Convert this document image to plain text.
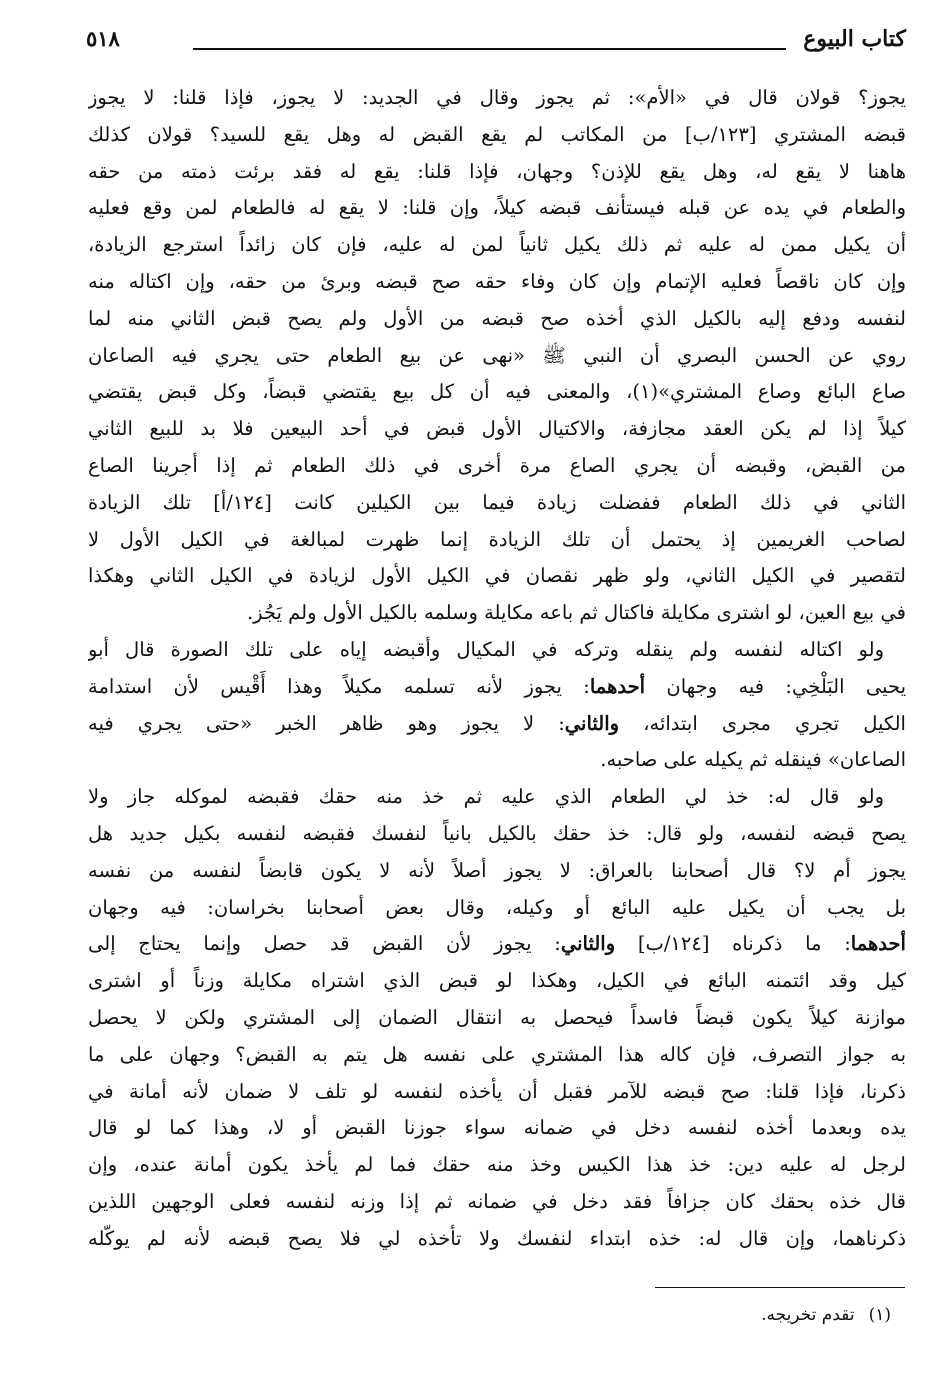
كتاب البيوع
٥١٨
يجوز؟ قولان قال في «الأم»: ثم يجوز وقال في الجديد: لا يجوز، فإذا قلنا: لا يجوز
قبضه المشتري [١٢٣/ب] من المكاتب لم يقع القبض له وهل يقع للسيد؟ قولان كذلك
هاهنا لا يقع له، وهل يقع للإذن؟ وجهان، فإذا قلنا: يقع له فقد برئت ذمته من حقه
والطعام في يده عن قبله فيستأنف قبضه كيلاً، وإن قلنا: لا يقع له فالطعام لمن وقع فعليه
أن يكيل ممن له عليه ثم ذلك يكيل ثانياً لمن له عليه، فإن كان زائداً استرجع الزيادة،
وإن كان ناقصاً فعليه الإتمام وإن كان وفاء حقه صح قبضه وبرئ من حقه، وإن اكتاله منه
لنفسه ودفع إليه بالكيل الذي أخذه صح قبضه من الأول ولم يصح قبض الثاني منه لما
روي عن الحسن البصري أن النبي ﷺ «نهى عن بيع الطعام حتى يجري فيه الصاعان
صاع البائع وصاع المشتري»(١)، والمعنى فيه أن كل بيع يقتضي قبضاً، وكل قبض يقتضي
كيلاً إذا لم يكن العقد مجازفة، والاكتيال الأول قبض في أحد البيعين فلا بد للبيع الثاني
من القبض، وقبضه أن يجري الصاع مرة أخرى في ذلك الطعام ثم إذا أجرينا الصاع
الثاني في ذلك الطعام ففضلت زيادة فيما بين الكيلين كانت [١٢٤/أ] تلك الزيادة
لصاحب الغريمين إذ يحتمل أن تلك الزيادة إنما ظهرت لمبالغة في الكيل الأول لا
لتقصير في الكيل الثاني، ولو ظهر نقصان في الكيل الأول لزيادة في الكيل الثاني وهكذا
في بيع العين، لو اشترى مكايلة فاكتال ثم باعه مكايلة وسلمه بالكيل الأول ولم يَجُز.
ولو اكتاله لنفسه ولم ينقله وتركه في المكيال وأقبضه إياه على تلك الصورة قال أبو
يحيى البَلْخِي: فيه وجهان أحدهما: يجوز لأنه تسلمه مكيلاً وهذا أَقْيس لأن استدامة
الكيل تجري مجرى ابتدائه، والثاني: لا يجوز وهو ظاهر الخبر «حتى يجري فيه
الصاعان» فينقله ثم يكيله على صاحبه.
ولو قال له: خذ لي الطعام الذي عليه ثم خذ منه حقك فقبضه لموكله جاز ولا
يصح قبضه لنفسه، ولو قال: خذ حقك بالكيل بانياً لنفسك فقبضه لنفسه بكيل جديد هل
يجوز أم لا؟ قال أصحابنا بالعراق: لا يجوز أصلاً لأنه لا يكون قابضاً لنفسه من نفسه
بل يجب أن يكيل عليه البائع أو وكيله، وقال بعض أصحابنا بخراسان: فيه وجهان
أحدهما: ما ذكرناه [١٢٤/ب] والثاني: يجوز لأن القبض قد حصل وإنما يحتاج إلى
كيل وقد ائتمنه البائع في الكيل، وهكذا لو قبض الذي اشتراه مكايلة وزناً أو اشترى
موازنة كيلاً يكون قبضاً فاسداً فيحصل به انتقال الضمان إلى المشتري ولكن لا يحصل
به جواز التصرف، فإن كاله هذا المشتري على نفسه هل يتم به القبض؟ وجهان على ما
ذكرنا، فإذا قلنا: صح قبضه للآمر فقبل أن يأخذه لنفسه لو تلف لا ضمان لأنه أمانة في
يده وبعدما أخذه لنفسه دخل في ضمانه سواء جوزنا القبض أو لا، وهذا كما لو قال
لرجل له عليه دين: خذ هذا الكيس وخذ منه حقك فما لم يأخذ يكون أمانة عنده، وإن
قال خذه بحقك كان جزافاً فقد دخل في ضمانه ثم إذا وزنه لنفسه فعلى الوجهين اللذين
ذكرناهما، وإن قال له: خذه ابتداء لنفسك ولا تأخذه لي فلا يصح قبضه لأنه لم يوكّله
(١)تقدم تخريجه.
